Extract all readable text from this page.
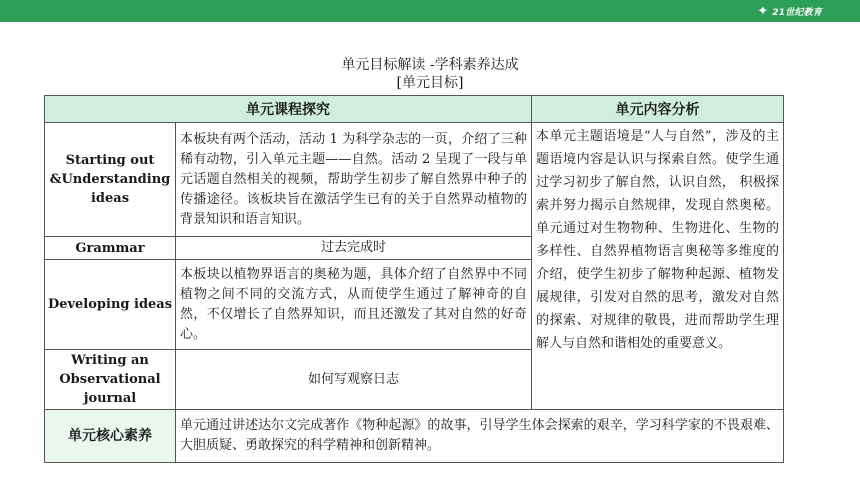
✦ 21世纪教育
单元目标解读 -学科素养达成
[单元目标]
单元课程探究		单元内容分析
Starting out &Understanding ideas	本板块有两个活动，活动 1 为科学杂志的一页，介绍了三种稀有动物，引入单元主题——自然。活动 2 呈现了一段与单元话题自然相关的视频，帮助学生初步了解自然界中种子的传播途径。该板块旨在激活学生已有的关于自然界动植物的背景知识和语言知识。	本单元主题语境是“人与自然”，涉及的主题语境内容是认识与探索自然。使学生通过学习初步了解自然，认识自然， 积极探索并努力揭示自然规律，发现自然奥秘。单元通过对生物物种、生物进化、生物的多样性、自然界植物语言奥秘等多维度的介绍，使学生初步了解物种起源、植物发展规律，引发对自然的思考，激发对自然的探索、对规律的敬畏，进而帮助学生理解人与自然和谐相处的重要意义。
Grammar	过去完成时	
Developing ideas	本板块以植物界语言的奥秘为题，具体介绍了自然界中不同植物之间不同的交流方式，从而使学生通过了解神奇的自然，不仅增长了自然界知识，而且还激发了其对自然的好奇心。	
Writing an Observational journal	如何写观察日志	
单元核心素养	单元通过讲述达尔文完成著作《物种起源》的故事，引导学生体会探索的艰辛，学习科学家的不畏艰难、大胆质疑、勇敢探究的科学精神和创新精神。	
